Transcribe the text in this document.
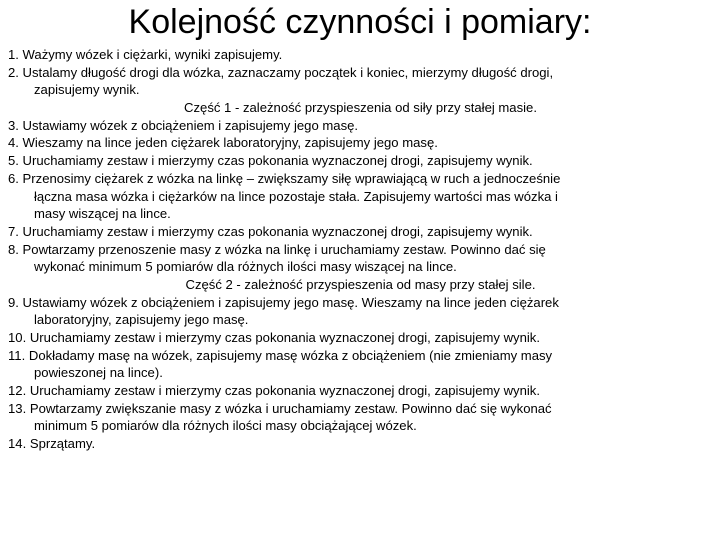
Kolejność czynności i pomiary:
1. Ważymy wózek i ciężarki, wyniki zapisujemy.
2. Ustalamy długość drogi dla wózka, zaznaczamy początek i koniec, mierzymy długość drogi,
zapisujemy wynik.
Część 1 - zależność przyspieszenia od siły przy stałej masie.
3. Ustawiamy wózek z obciążeniem i zapisujemy jego masę.
4. Wieszamy na lince jeden ciężarek laboratoryjny, zapisujemy jego masę.
5. Uruchamiamy zestaw i mierzymy czas pokonania wyznaczonej drogi, zapisujemy wynik.
6. Przenosimy ciężarek z wózka na linkę – zwiększamy siłę wprawiającą w ruch a jednocześnie
łączna masa wózka i ciężarków na lince pozostaje stała. Zapisujemy wartości mas wózka i
masy wiszącej na lince.
7. Uruchamiamy zestaw i mierzymy czas pokonania wyznaczonej drogi, zapisujemy wynik.
8. Powtarzamy przenoszenie masy z wózka na linkę i uruchamiamy zestaw. Powinno dać się
wykonać minimum 5 pomiarów dla różnych ilości masy wiszącej na lince.
Część 2 - zależność przyspieszenia od masy przy stałej sile.
9. Ustawiamy wózek z obciążeniem i zapisujemy jego masę. Wieszamy na lince jeden ciężarek
laboratoryjny, zapisujemy jego masę.
10. Uruchamiamy zestaw i mierzymy czas pokonania wyznaczonej drogi, zapisujemy wynik.
11. Dokładamy masę na wózek, zapisujemy masę wózka z obciążeniem (nie zmieniamy masy
powieszonej na lince).
12. Uruchamiamy zestaw i mierzymy czas pokonania wyznaczonej drogi, zapisujemy wynik.
13. Powtarzamy zwiększanie masy z wózka i uruchamiamy zestaw. Powinno dać się wykonać
minimum 5 pomiarów dla różnych ilości masy obciążającej wózek.
14. Sprzątamy.
